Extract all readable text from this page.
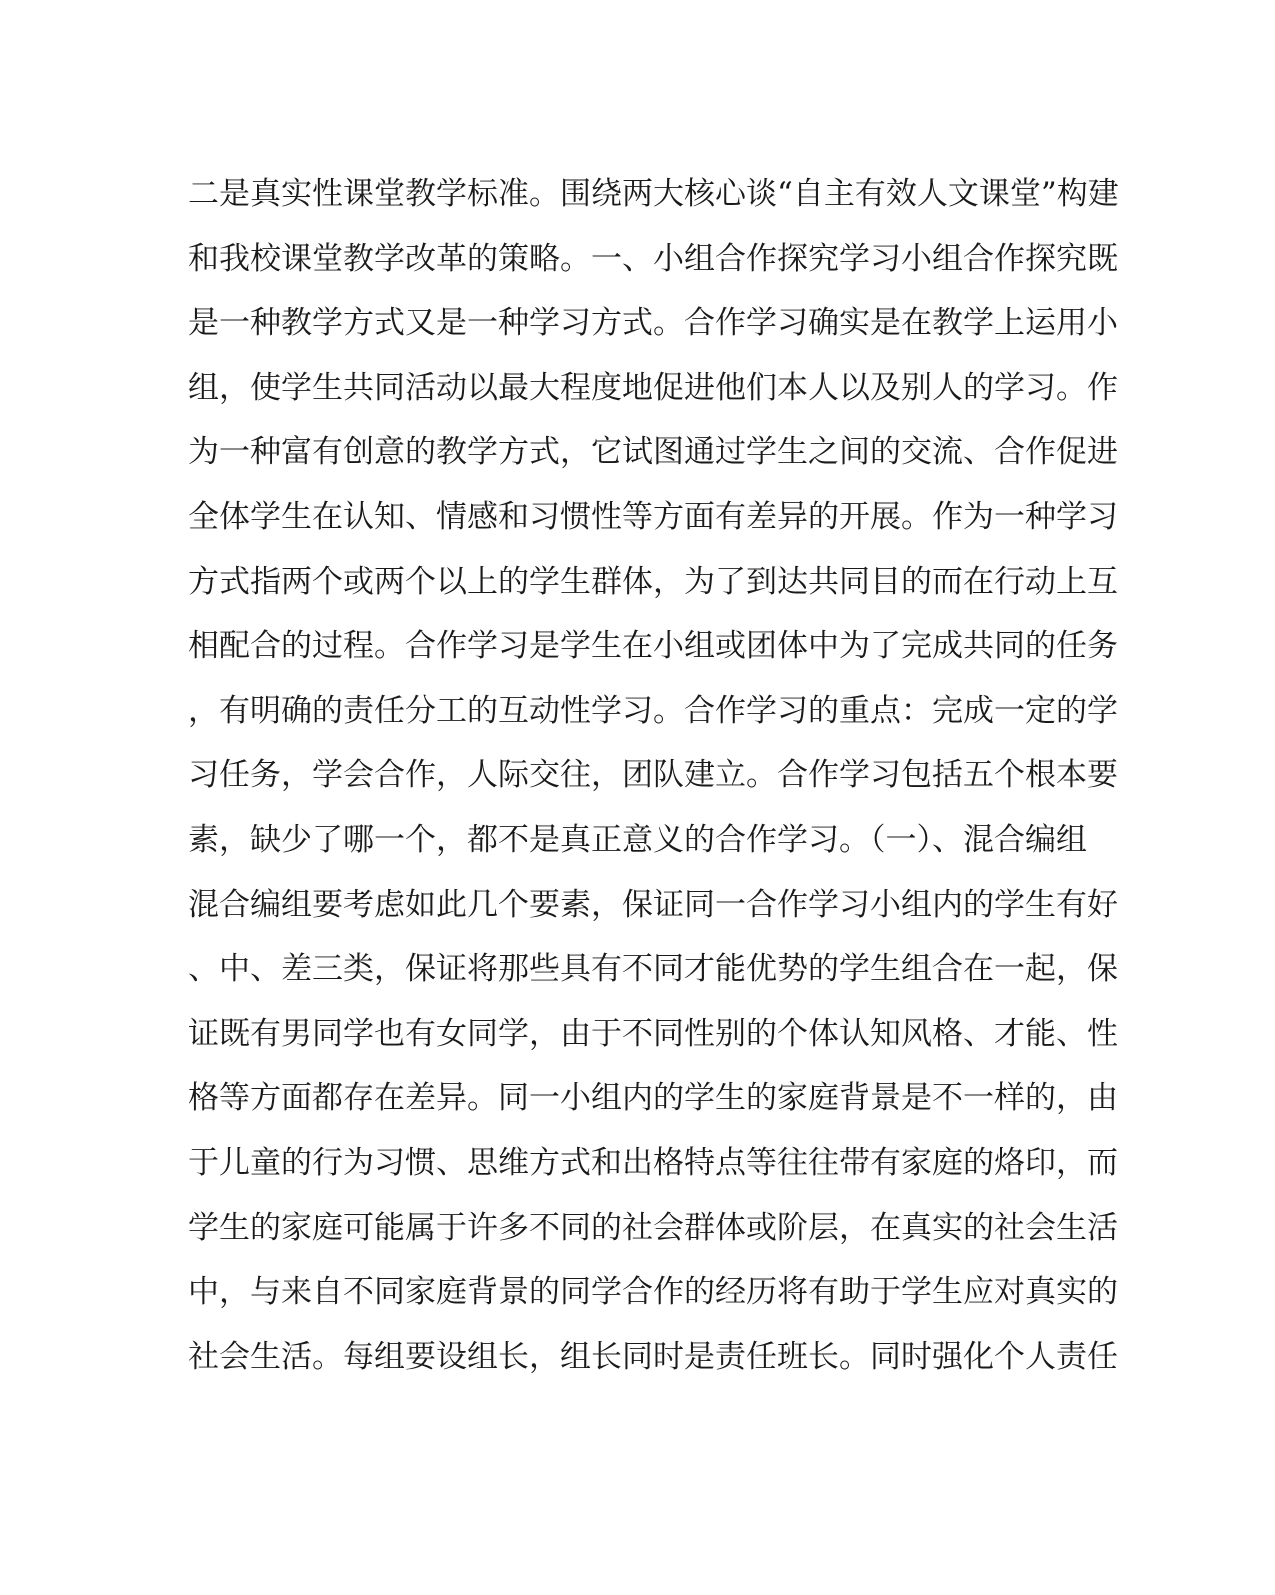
二是真实性课堂教学标准。围绕两大核心谈“自主有效人文课堂”构建
和我校课堂教学改革的策略。一、小组合作探究学习小组合作探究既
是一种教学方式又是一种学习方式。合作学习确实是在教学上运用小
组，使学生共同活动以最大程度地促进他们本人以及别人的学习。作
为一种富有创意的教学方式，它试图通过学生之间的交流、合作促进
全体学生在认知、情感和习惯性等方面有差异的开展。作为一种学习
方式指两个或两个以上的学生群体，为了到达共同目的而在行动上互
相配合的过程。合作学习是学生在小组或团体中为了完成共同的任务
，有明确的责任分工的互动性学习。合作学习的重点：完成一定的学
习任务，学会合作，人际交往，团队建立。合作学习包括五个根本要
素，缺少了哪一个，都不是真正意义的合作学习。（一）、混合编组
混合编组要考虑如此几个要素，保证同一合作学习小组内的学生有好
、中、差三类，保证将那些具有不同才能优势的学生组合在一起，保
证既有男同学也有女同学，由于不同性别的个体认知风格、才能、性
格等方面都存在差异。同一小组内的学生的家庭背景是不一样的，由
于儿童的行为习惯、思维方式和出格特点等往往带有家庭的烙印，而
学生的家庭可能属于许多不同的社会群体或阶层，在真实的社会生活
中，与来自不同家庭背景的同学合作的经历将有助于学生应对真实的
社会生活。每组要设组长，组长同时是责任班长。同时强化个人责任
